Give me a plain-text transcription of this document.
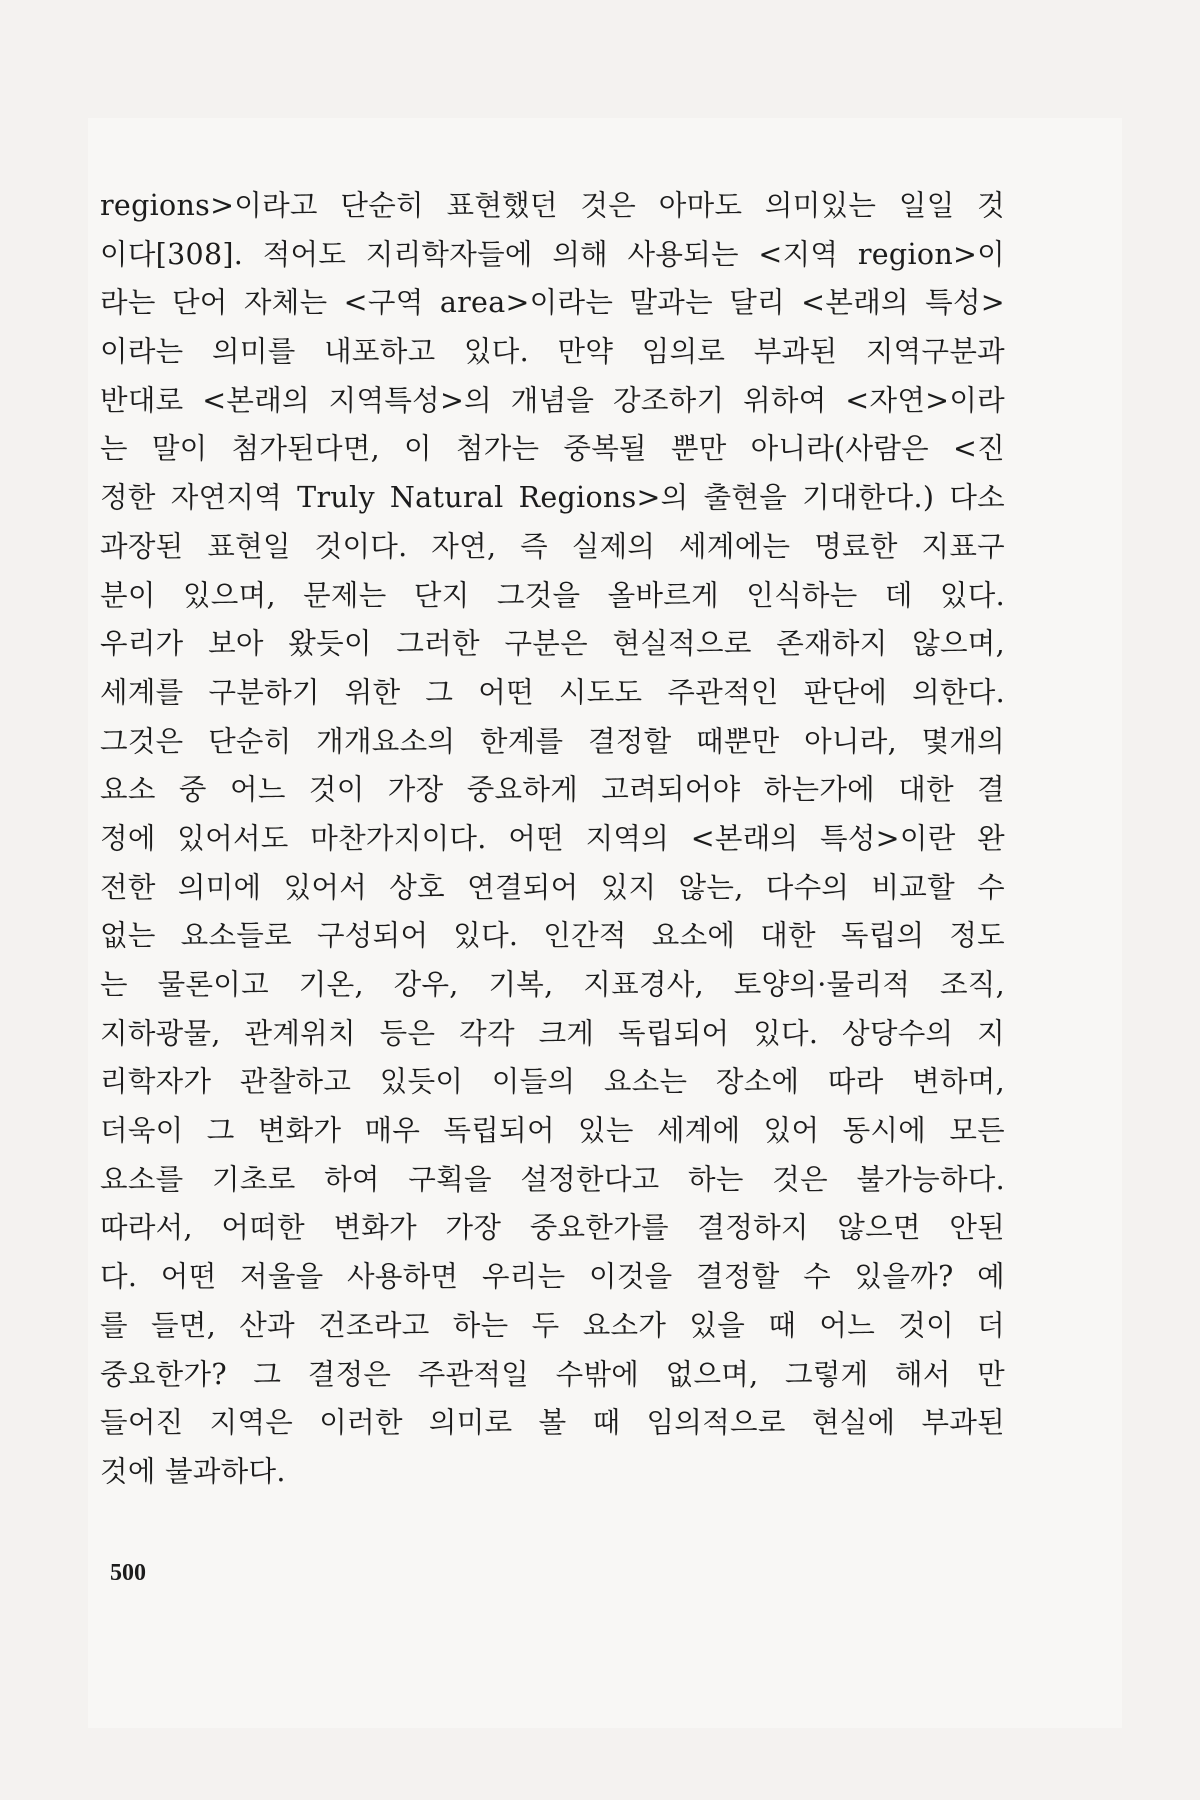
regions>이라고 단순히 표현했던 것은 아마도 의미있는 일일 것
이다[308]. 적어도 지리학자들에 의해 사용되는 <지역 region>이
라는 단어 자체는 <구역 area>이라는 말과는 달리 <본래의 특성>
이라는 의미를 내포하고 있다. 만약 임의로 부과된 지역구분과
반대로 <본래의 지역특성>의 개념을 강조하기 위하여 <자연>이라
는 말이 첨가된다면, 이 첨가는 중복될 뿐만 아니라(사람은 <진
정한 자연지역 Truly Natural Regions>의 출현을 기대한다.) 다소
과장된 표현일 것이다. 자연, 즉 실제의 세계에는 명료한 지표구
분이 있으며, 문제는 단지 그것을 올바르게 인식하는 데 있다.
우리가 보아 왔듯이 그러한 구분은 현실적으로 존재하지 않으며,
세계를 구분하기 위한 그 어떤 시도도 주관적인 판단에 의한다.
그것은 단순히 개개요소의 한계를 결정할 때뿐만 아니라, 몇개의
요소 중 어느 것이 가장 중요하게 고려되어야 하는가에 대한 결
정에 있어서도 마찬가지이다. 어떤 지역의 <본래의 특성>이란 완
전한 의미에 있어서 상호 연결되어 있지 않는, 다수의 비교할 수
없는 요소들로 구성되어 있다. 인간적 요소에 대한 독립의 정도
는 물론이고 기온, 강우, 기복, 지표경사, 토양의·물리적 조직,
지하광물, 관계위치 등은 각각 크게 독립되어 있다. 상당수의 지
리학자가 관찰하고 있듯이 이들의 요소는 장소에 따라 변하며,
더욱이 그 변화가 매우 독립되어 있는 세계에 있어 동시에 모든
요소를 기초로 하여 구획을 설정한다고 하는 것은 불가능하다.
따라서, 어떠한 변화가 가장 중요한가를 결정하지 않으면 안된
다. 어떤 저울을 사용하면 우리는 이것을 결정할 수 있을까? 예
를 들면, 산과 건조라고 하는 두 요소가 있을 때 어느 것이 더
중요한가? 그 결정은 주관적일 수밖에 없으며, 그렇게 해서 만
들어진 지역은 이러한 의미로 볼 때 임의적으로 현실에 부과된
것에 불과하다.
500
